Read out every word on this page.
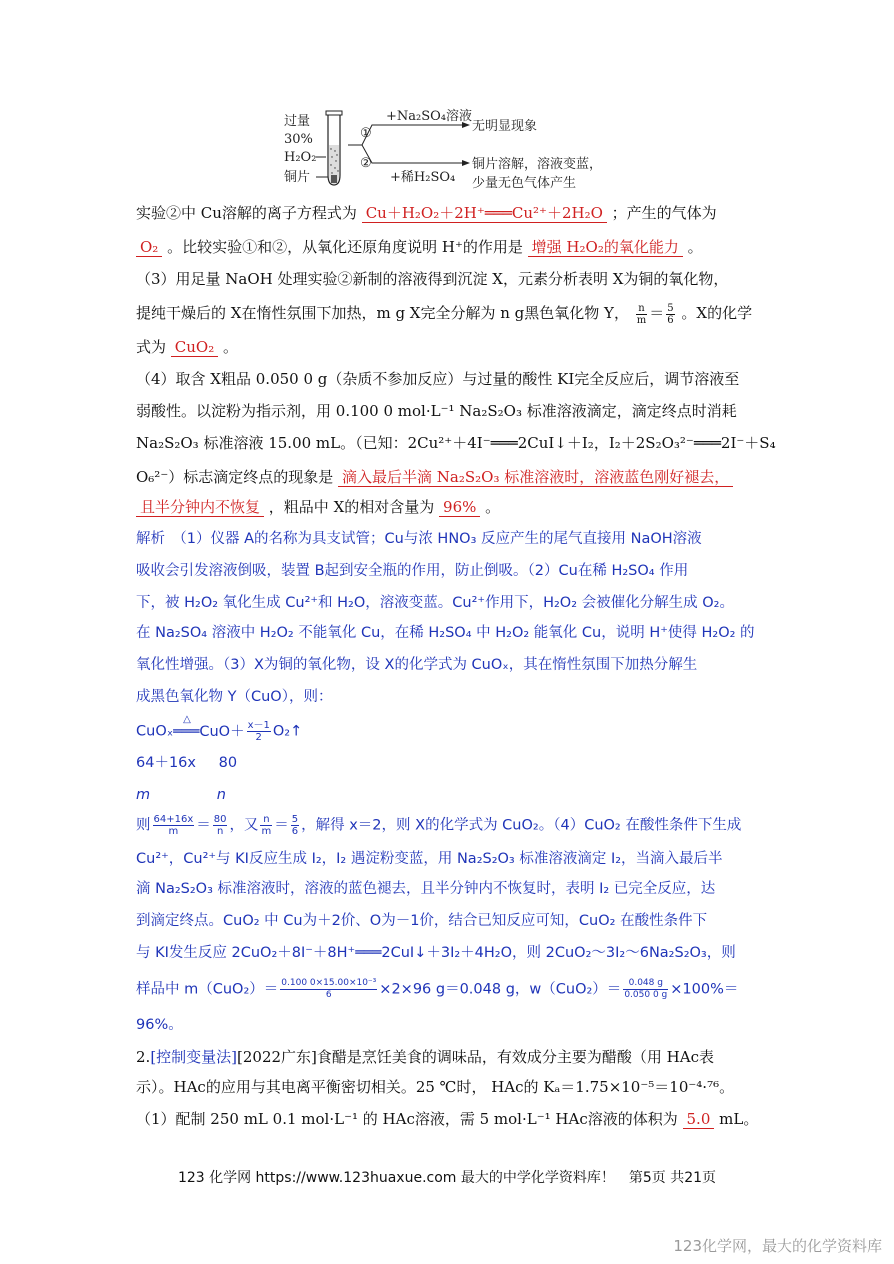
过量
30%
H₂O₂
铜片
①
②
+Na₂SO₄溶液
无明显现象
+稀H₂SO₄
铜片溶解，溶液变蓝，
少量无色气体产生
实验②中 Cu溶解的离子方程式为 Cu＋H₂O₂＋2H⁺═══Cu²⁺＋2H₂O ；产生的气体为
O₂ 。比较实验①和②，从氧化还原角度说明 H⁺的作用是 增强 H₂O₂的氧化能力 。
（3）用足量 NaOH 处理实验②新制的溶液得到沉淀 X，元素分析表明 X为铜的氧化物，
提纯干燥后的 X在惰性氛围下加热，m g X完全分解为 n g黑色氧化物 Y， $\frac{n}{m} = \frac{5}{6}$ 。X的化学
式为 CuO₂ 。
（4）取含 X粗品 0.050 0 g（杂质不参加反应）与过量的酸性 KI完全反应后，调节溶液至
弱酸性。以淀粉为指示剂，用 0.100 0 mol·L⁻¹ Na₂S₂O₃ 标准溶液滴定，滴定终点时消耗
Na₂S₂O₃ 标准溶液 15.00 mL。（已知：2Cu²⁺＋4I⁻═══2CuI↓＋I₂，I₂＋2S₂O₃²⁻═══2I⁻＋S₄
O₆²⁻）标志滴定终点的现象是 滴入最后半滴 Na₂S₂O₃ 标准溶液时，溶液蓝色刚好褪去，
且半分钟内不恢复 ，粗品中 X的相对含量为 96% 。
解析　（1）仪器 A的名称为具支试管；Cu与浓 HNO₃ 反应产生的尾气直接用 NaOH溶液
吸收会引发溶液倒吸，装置 B起到安全瓶的作用，防止倒吸。（2）Cu在稀 H₂SO₄ 作用
下，被 H₂O₂ 氧化生成 Cu²⁺和 H₂O，溶液变蓝。Cu²⁺作用下，H₂O₂ 会被催化分解生成 O₂。
在 Na₂SO₄ 溶液中 H₂O₂ 不能氧化 Cu，在稀 H₂SO₄ 中 H₂O₂ 能氧化 Cu，说明 H⁺使得 H₂O₂ 的
氧化性增强。（3）X为铜的氧化物，设 X的化学式为 CuOₓ，其在惰性氛围下加热分解生
成黑色氧化物 Y（CuO），则：
CuOₓ
△
═══CuO＋ $\frac{x-1}{2}$ O₂↑
64＋16x 80
m	n
则 $\frac{64+16x}{m} = \frac{80}{n}$ ，又 $\frac{n}{m} = \frac{5}{6}$ ，解得 x＝2，则 X的化学式为 CuO₂。（4）CuO₂ 在酸性条件下生成
Cu²⁺，Cu²⁺与 KI反应生成 I₂，I₂ 遇淀粉变蓝，用 Na₂S₂O₃ 标准溶液滴定 I₂，当滴入最后半
滴 Na₂S₂O₃ 标准溶液时，溶液的蓝色褪去，且半分钟内不恢复时，表明 I₂ 已完全反应，达
到滴定终点。CuO₂ 中 Cu为＋2价、O为－1价，结合已知反应可知，CuO₂ 在酸性条件下
与 KI发生反应 2CuO₂＋8I⁻＋8H⁺═══2CuI↓＋3I₂＋4H₂O，则 2CuO₂～3I₂～6Na₂S₂O₃，则
样品中 $m(CuO_2)= \frac{\text{0.100 0×15.00×10⁻³}}{6} \times 2\times 96$ g＝0.048 g，$w(CuO_2)= \frac{0.048 g}{0.050 0 g} \times 100\%=$
96%。
2.[控制变量法][2022广东]食醋是烹饪美食的调味品，有效成分主要为醋酸（用 HAc表
示）。HAc的应用与其电离平衡密切相关。25 ℃时， HAc的 Kₐ＝1.75×10⁻⁵＝10⁻⁴·⁷⁶。
（1）配制 250 mL 0.1 mol·L⁻¹ 的 HAc溶液，需 5 mol·L⁻¹ HAc溶液的体积为 5.0 mL。
123 化学网 https://www.123huaxue.com 最大的中学化学资料库！　第5页 共21页
123化学网，最大的化学资料库
